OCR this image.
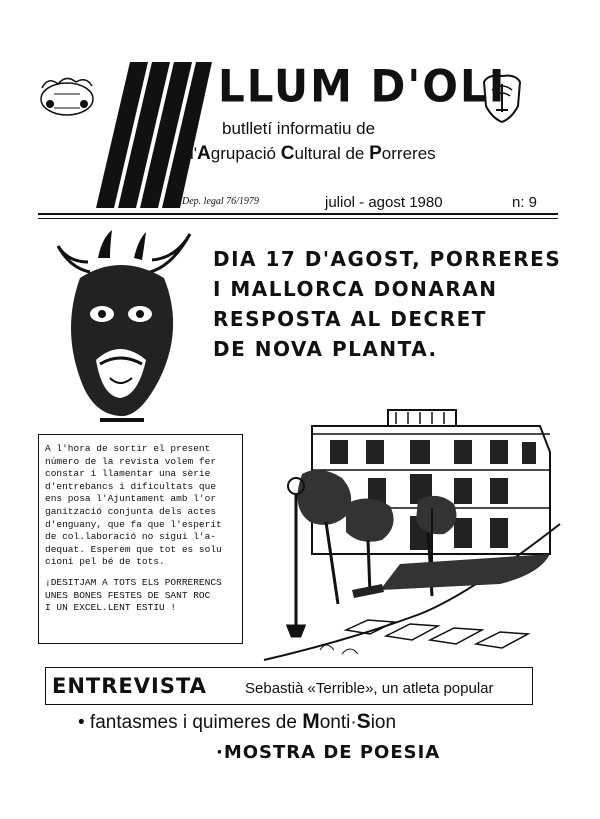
LLUM D'OLI
butlletí informatiu de
l'Agrupació Cultural de Porreres
Dep. legal 76/1979	juliol - agost 1980	n: 9
DIA 17 D'AGOST, PORRERES
I MALLORCA DONARAN
RESPOSTA AL DECRET
DE NOVA PLANTA.
A l'hora de sortir el present
número de la revista volem fer
constar i llamentar una sèrie
d'entrebancs i dificultats que
ens posa l'Ajuntament amb l'or
ganització conjunta dels actes
d'enguany, que fa que l'esperit
de col.laboració no sigui l'a-
dequat. Esperem que tot es solu
cioni pel bé de tots.
¡DESITJAM A TOTS ELS PORRERENCS
UNES BONES FESTES DE SANT ROC
I UN EXCEL.LENT ESTIU !
ENTREVISTA	Sebastià «Terrible», un atleta popular
• fantasmes i quimeres de Monti·Sion
·MOSTRA DE POESIA
